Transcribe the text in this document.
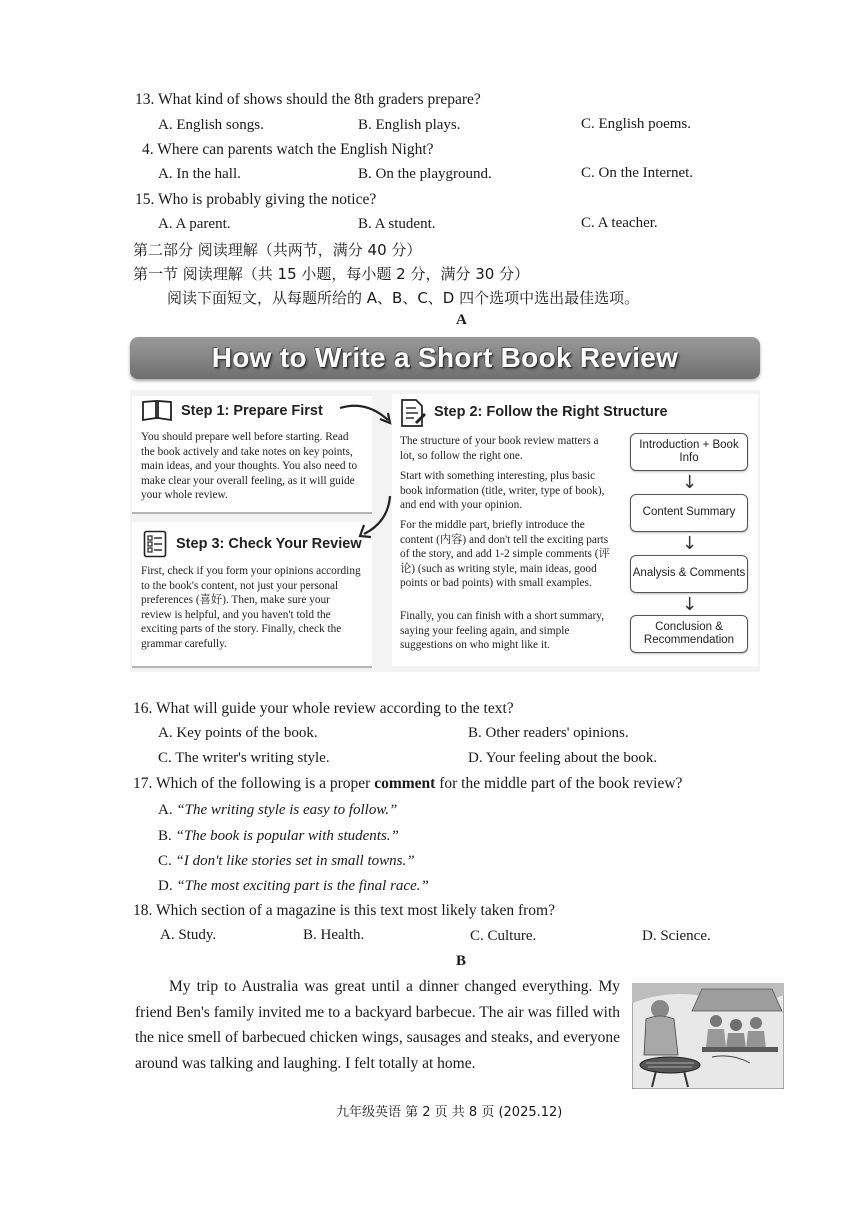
13. What kind of shows should the 8th graders prepare?
A. English songs.	B. English plays.	C. English poems.
4. Where can parents watch the English Night?
A. In the hall.	B. On the playground.	C. On the Internet.
15. Who is probably giving the notice?
A. A parent.	B. A student.	C. A teacher.
第二部分 阅读理解（共两节，满分 40 分）
第一节 阅读理解（共 15 小题，每小题 2 分，满分 30 分）
阅读下面短文，从每题所给的 A、B、C、D 四个选项中选出最佳选项。
A
How to Write a Short Book Review
Step 1: Prepare First
You should prepare well before starting. Read the book actively and take notes on key points, main ideas, and your thoughts. You also need to make clear your overall feeling, as it will guide your whole review.
Step 3: Check Your Review
First, check if you form your opinions according to the book's content, not just your personal preferences (喜好). Then, make sure your review is helpful, and you haven't told the exciting parts of the story. Finally, check the grammar carefully.
Step 2: Follow the Right Structure
The structure of your book review matters a lot, so follow the right one.
Start with something interesting, plus basic book information (title, writer, type of book), and end with your opinion.
For the middle part, briefly introduce the content (内容) and don't tell the exciting parts of the story, and add 1-2 simple comments (评论) (such as writing style, main ideas, good points or bad points) with small examples.
Finally, you can finish with a short summary, saying your feeling again, and simple suggestions on who might like it.
Introduction + Book Info
↓
Content Summary
↓
Analysis & Comments
↓
Conclusion & Recommendation
16. What will guide your whole review according to the text?
A. Key points of the book.	B. Other readers' opinions.
C. The writer's writing style.	D. Your feeling about the book.
17. Which of the following is a proper comment for the middle part of the book review?
A. “The writing style is easy to follow.”
B. “The book is popular with students.”
C. “I don't like stories set in small towns.”
D. “The most exciting part is the final race.”
18. Which section of a magazine is this text most likely taken from?
A. Study.	B. Health.	C. Culture.	D. Science.
B
My trip to Australia was great until a dinner changed everything. My friend Ben's family invited me to a backyard barbecue. The air was filled with the nice smell of barbecued chicken wings, sausages and steaks, and everyone around was talking and laughing. I felt totally at home.
九年级英语 第 2 页 共 8 页 (2025.12)
